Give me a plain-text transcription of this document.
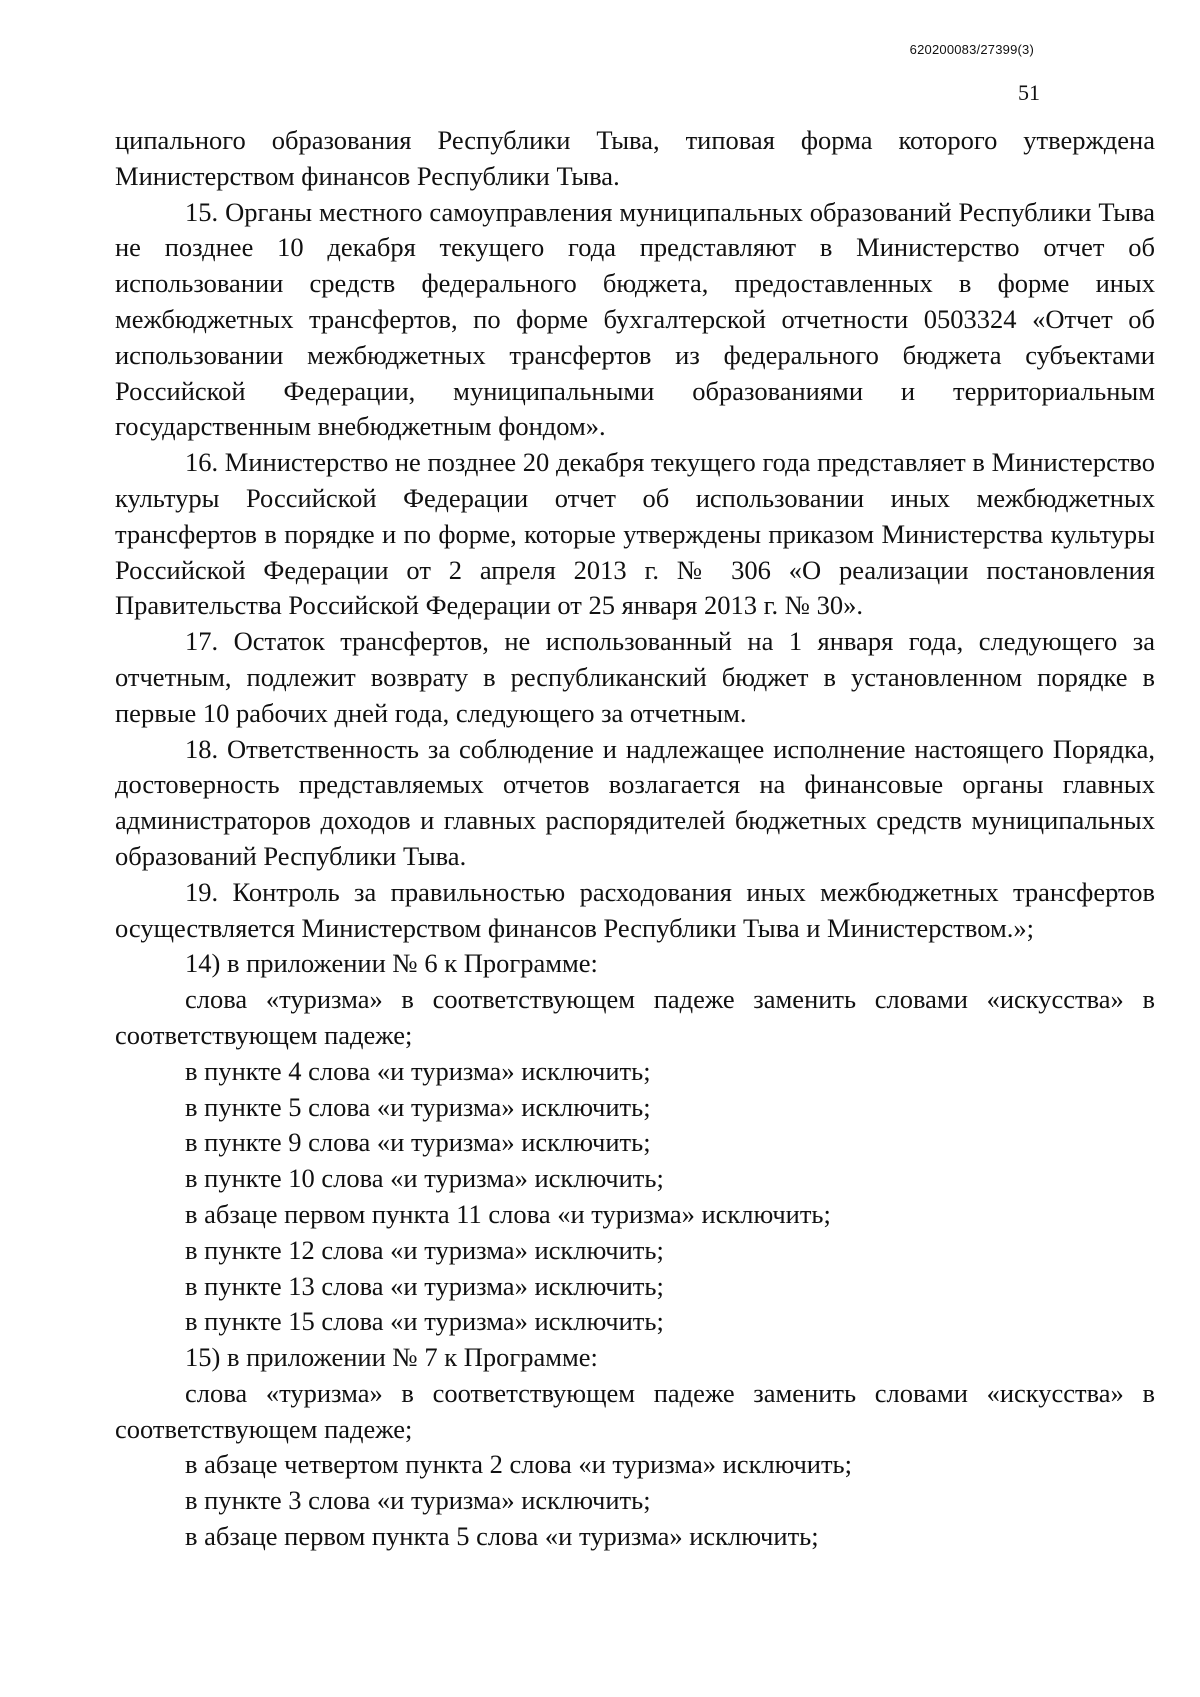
620200083/27399(3)
51

ципального образования Республики Тыва, типовая форма которого утверждена Министерством финансов Республики Тыва.

15. Органы местного самоуправления муниципальных образований Республики Тыва не позднее 10 декабря текущего года представляют в Министерство отчет об использовании средств федерального бюджета, предоставленных в форме иных межбюджетных трансфертов, по форме бухгалтерской отчетности 0503324 «Отчет об использовании межбюджетных трансфертов из федерального бюджета субъектами Российской Федерации, муниципальными образованиями и территориальным государственным внебюджетным фондом».

16. Министерство не позднее 20 декабря текущего года представляет в Министерство культуры Российской Федерации отчет об использовании иных межбюджетных трансфертов в порядке и по форме, которые утверждены приказом Министерства культуры Российской Федерации от 2 апреля 2013 г. № 306 «О реализации постановления Правительства Российской Федерации от 25 января 2013 г. № 30».

17. Остаток трансфертов, не использованный на 1 января года, следующего за отчетным, подлежит возврату в республиканский бюджет в установленном порядке в первые 10 рабочих дней года, следующего за отчетным.

18. Ответственность за соблюдение и надлежащее исполнение настоящего Порядка, достоверность представляемых отчетов возлагается на финансовые органы главных администраторов доходов и главных распорядителей бюджетных средств муниципальных образований Республики Тыва.

19. Контроль за правильностью расходования иных межбюджетных трансфертов осуществляется Министерством финансов Республики Тыва и Министерством.»;

14) в приложении № 6 к Программе:

слова «туризма» в соответствующем падеже заменить словами «искусства» в соответствующем падеже;

в пункте 4 слова «и туризма» исключить;

в пункте 5 слова «и туризма» исключить;

в пункте 9 слова «и туризма» исключить;

в пункте 10 слова «и туризма» исключить;

в абзаце первом пункта 11 слова «и туризма» исключить;

в пункте 12 слова «и туризма» исключить;

в пункте 13 слова «и туризма» исключить;

в пункте 15 слова «и туризма» исключить;

15) в приложении № 7 к Программе:

слова «туризма» в соответствующем падеже заменить словами «искусства» в соответствующем падеже;

в абзаце четвертом пункта 2 слова «и туризма» исключить;

в пункте 3 слова «и туризма» исключить;

в абзаце первом пункта 5 слова «и туризма» исключить;
